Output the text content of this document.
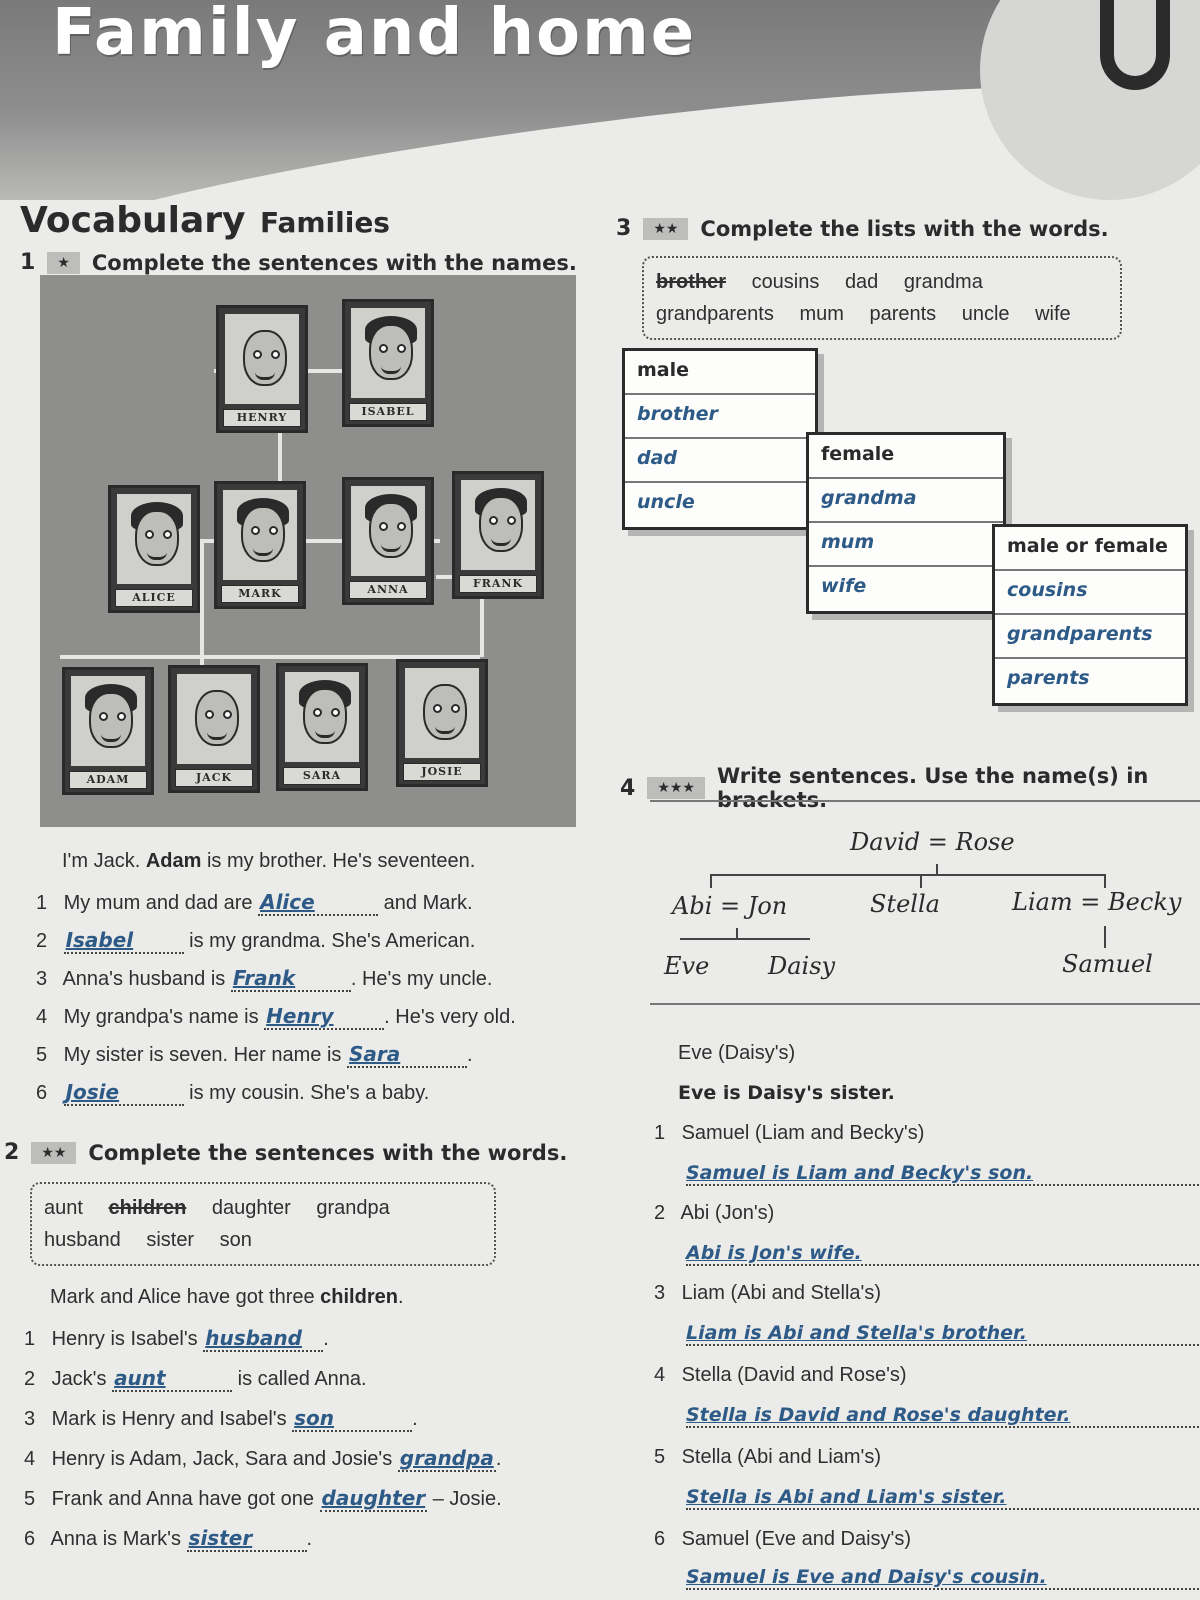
Family and home
Vocabulary Families
1	★	Complete the sentences with the names.
HENRY	ISABEL
ALICE	MARK	ANNA	FRANK
ADAM	JACK	SARA	JOSIE
I'm Jack. Adam is my brother. He's seventeen.
1 My mum and dad are Alice	and Mark.
2 Isabel	is my grandma. She's American.
3 Anna's husband is Frank	. He's my uncle.
4 My grandpa's name is Henry	. He's very old.
5 My sister is seven. Her name is Sara	.
6 Josie	is my cousin. She's a baby.
2	★★	Complete the sentences with the words.
aunt children daughter grandpa husband sister son
Mark and Alice have got three children.
1 Henry is Isabel's husband .
2 Jack's aunt	is called Anna.
3 Mark is Henry and Isabel's son	.
4 Henry is Adam, Jack, Sara and Josie's grandpa .
5 Frank and Anna have got one daughter – Josie.
6 Anna is Mark's sister	.
3	★★	Complete the lists with the words.
brother cousins dad grandma grandparents mum parents uncle wife
male
brother
dad
uncle
female
grandma
mum
wife
male or female
cousins
grandparents
parents
4	★★★	Write sentences. Use the name(s) in brackets.
David = Rose
Abi = Jon	Stella	Liam = Becky
Eve Daisy	Samuel
Eve (Daisy's)
Eve is Daisy's sister.
1 Samuel (Liam and Becky's)
Samuel is Liam and Becky's son.
2 Abi (Jon's)
Abi is Jon's wife.
3 Liam (Abi and Stella's)
Liam is Abi and Stella's brother.
4 Stella (David and Rose's)
Stella is David and Rose's daughter.
5 Stella (Abi and Liam's)
Stella is Abi and Liam's sister.
6 Samuel (Eve and Daisy's)
Samuel is Eve and Daisy's cousin.
